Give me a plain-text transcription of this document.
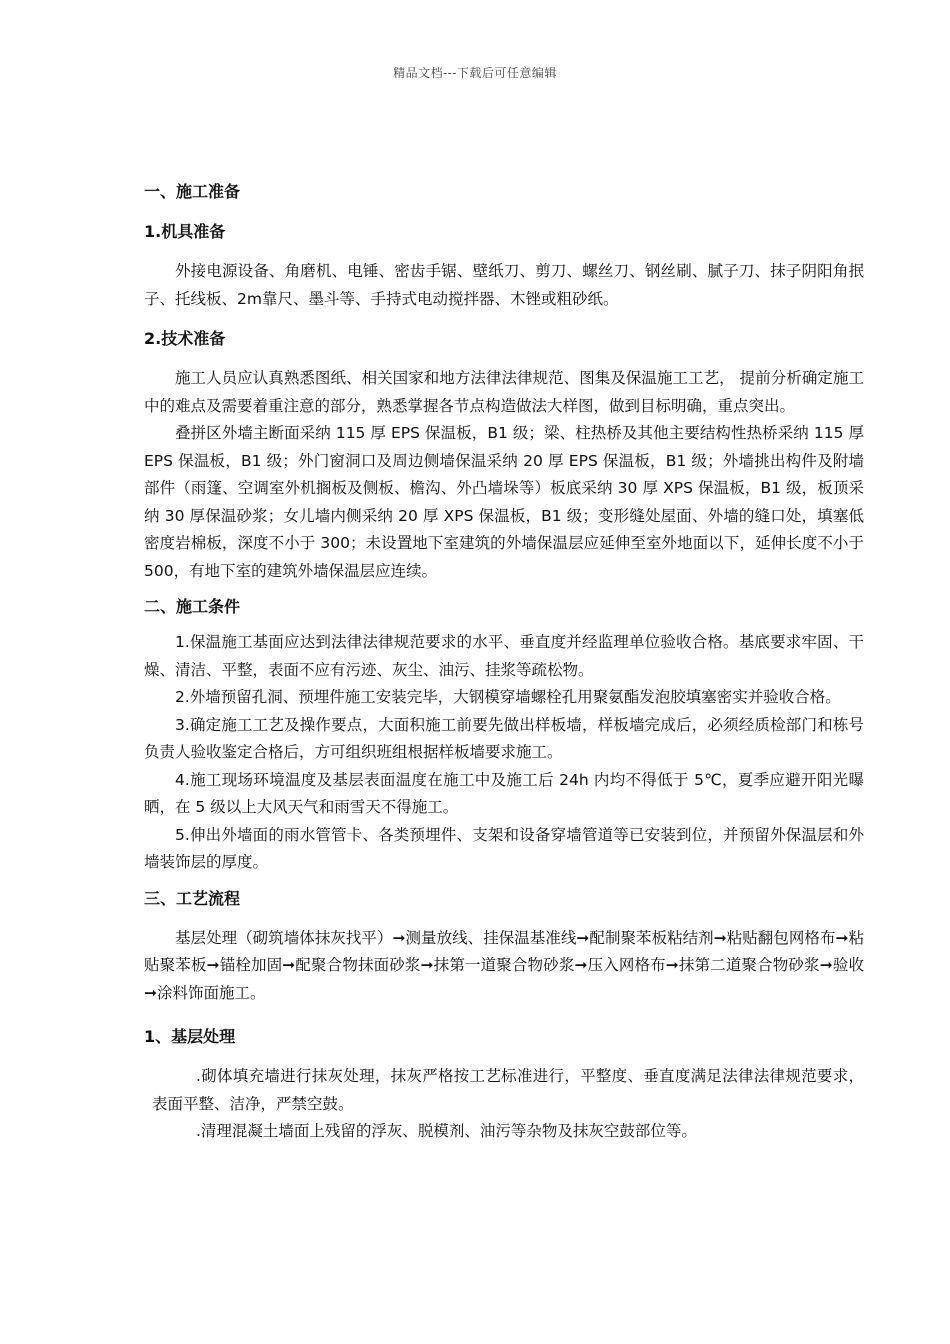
精品文档---下载后可任意编辑

一、施工准备

1.机具准备

外接电源设备、角磨机、电锤、密齿手锯、壁纸刀、剪刀、螺丝刀、钢丝刷、腻子刀、抹子阴阳角抿子、托线板、2m靠尺、墨斗等、手持式电动搅拌器、木锉或粗砂纸。

2.技术准备

施工人员应认真熟悉图纸、相关国家和地方法律法律规范、图集及保温施工工艺， 提前分析确定施工中的难点及需要着重注意的部分，熟悉掌握各节点构造做法大样图，做到目标明确，重点突出。

叠拼区外墙主断面采纳 115 厚 EPS 保温板，B1 级；梁、柱热桥及其他主要结构性热桥采纳 115 厚 EPS 保温板，B1 级；外门窗洞口及周边侧墙保温采纳 20 厚 EPS 保温板，B1 级；外墙挑出构件及附墙部件（雨篷、空调室外机搁板及侧板、檐沟、外凸墙垛等）板底采纳 30 厚 XPS 保温板，B1 级，板顶采纳 30 厚保温砂浆；女儿墙内侧采纳 20 厚 XPS 保温板，B1 级；变形缝处屋面、外墙的缝口处，填塞低密度岩棉板，深度不小于 300；未设置地下室建筑的外墙保温层应延伸至室外地面以下，延伸长度不小于 500，有地下室的建筑外墙保温层应连续。

二、施工条件

1.保温施工基面应达到法律法律规范要求的水平、垂直度并经监理单位验收合格。基底要求牢固、干燥、清洁、平整，表面不应有污迹、灰尘、油污、挂浆等疏松物。

2.外墙预留孔洞、预埋件施工安装完毕，大钢模穿墙螺栓孔用聚氨酯发泡胶填塞密实并验收合格。

3.确定施工工艺及操作要点，大面积施工前要先做出样板墙，样板墙完成后，必须经质检部门和栋号负责人验收鉴定合格后，方可组织班组根据样板墙要求施工。

4.施工现场环境温度及基层表面温度在施工中及施工后 24h 内均不得低于 5℃，夏季应避开阳光曝晒，在 5 级以上大风天气和雨雪天不得施工。

5.伸出外墙面的雨水管管卡、各类预埋件、支架和设备穿墙管道等已安装到位，并预留外保温层和外墙装饰层的厚度。

三、工艺流程

基层处理（砌筑墙体抹灰找平）➞测量放线、挂保温基准线➞配制聚苯板粘结剂➞粘贴翻包网格布➞粘贴聚苯板➞锚栓加固➞配聚合物抹面砂浆➞抹第一道聚合物砂浆➞压入网格布➞抹第二道聚合物砂浆➞验收➞涂料饰面施工。

1、基层处理

.砌体填充墙进行抹灰处理，抹灰严格按工艺标准进行，平整度、垂直度满足法律法律规范要求，表面平整、洁净，严禁空鼓。

.清理混凝土墙面上残留的浮灰、脱模剂、油污等杂物及抹灰空鼓部位等。
